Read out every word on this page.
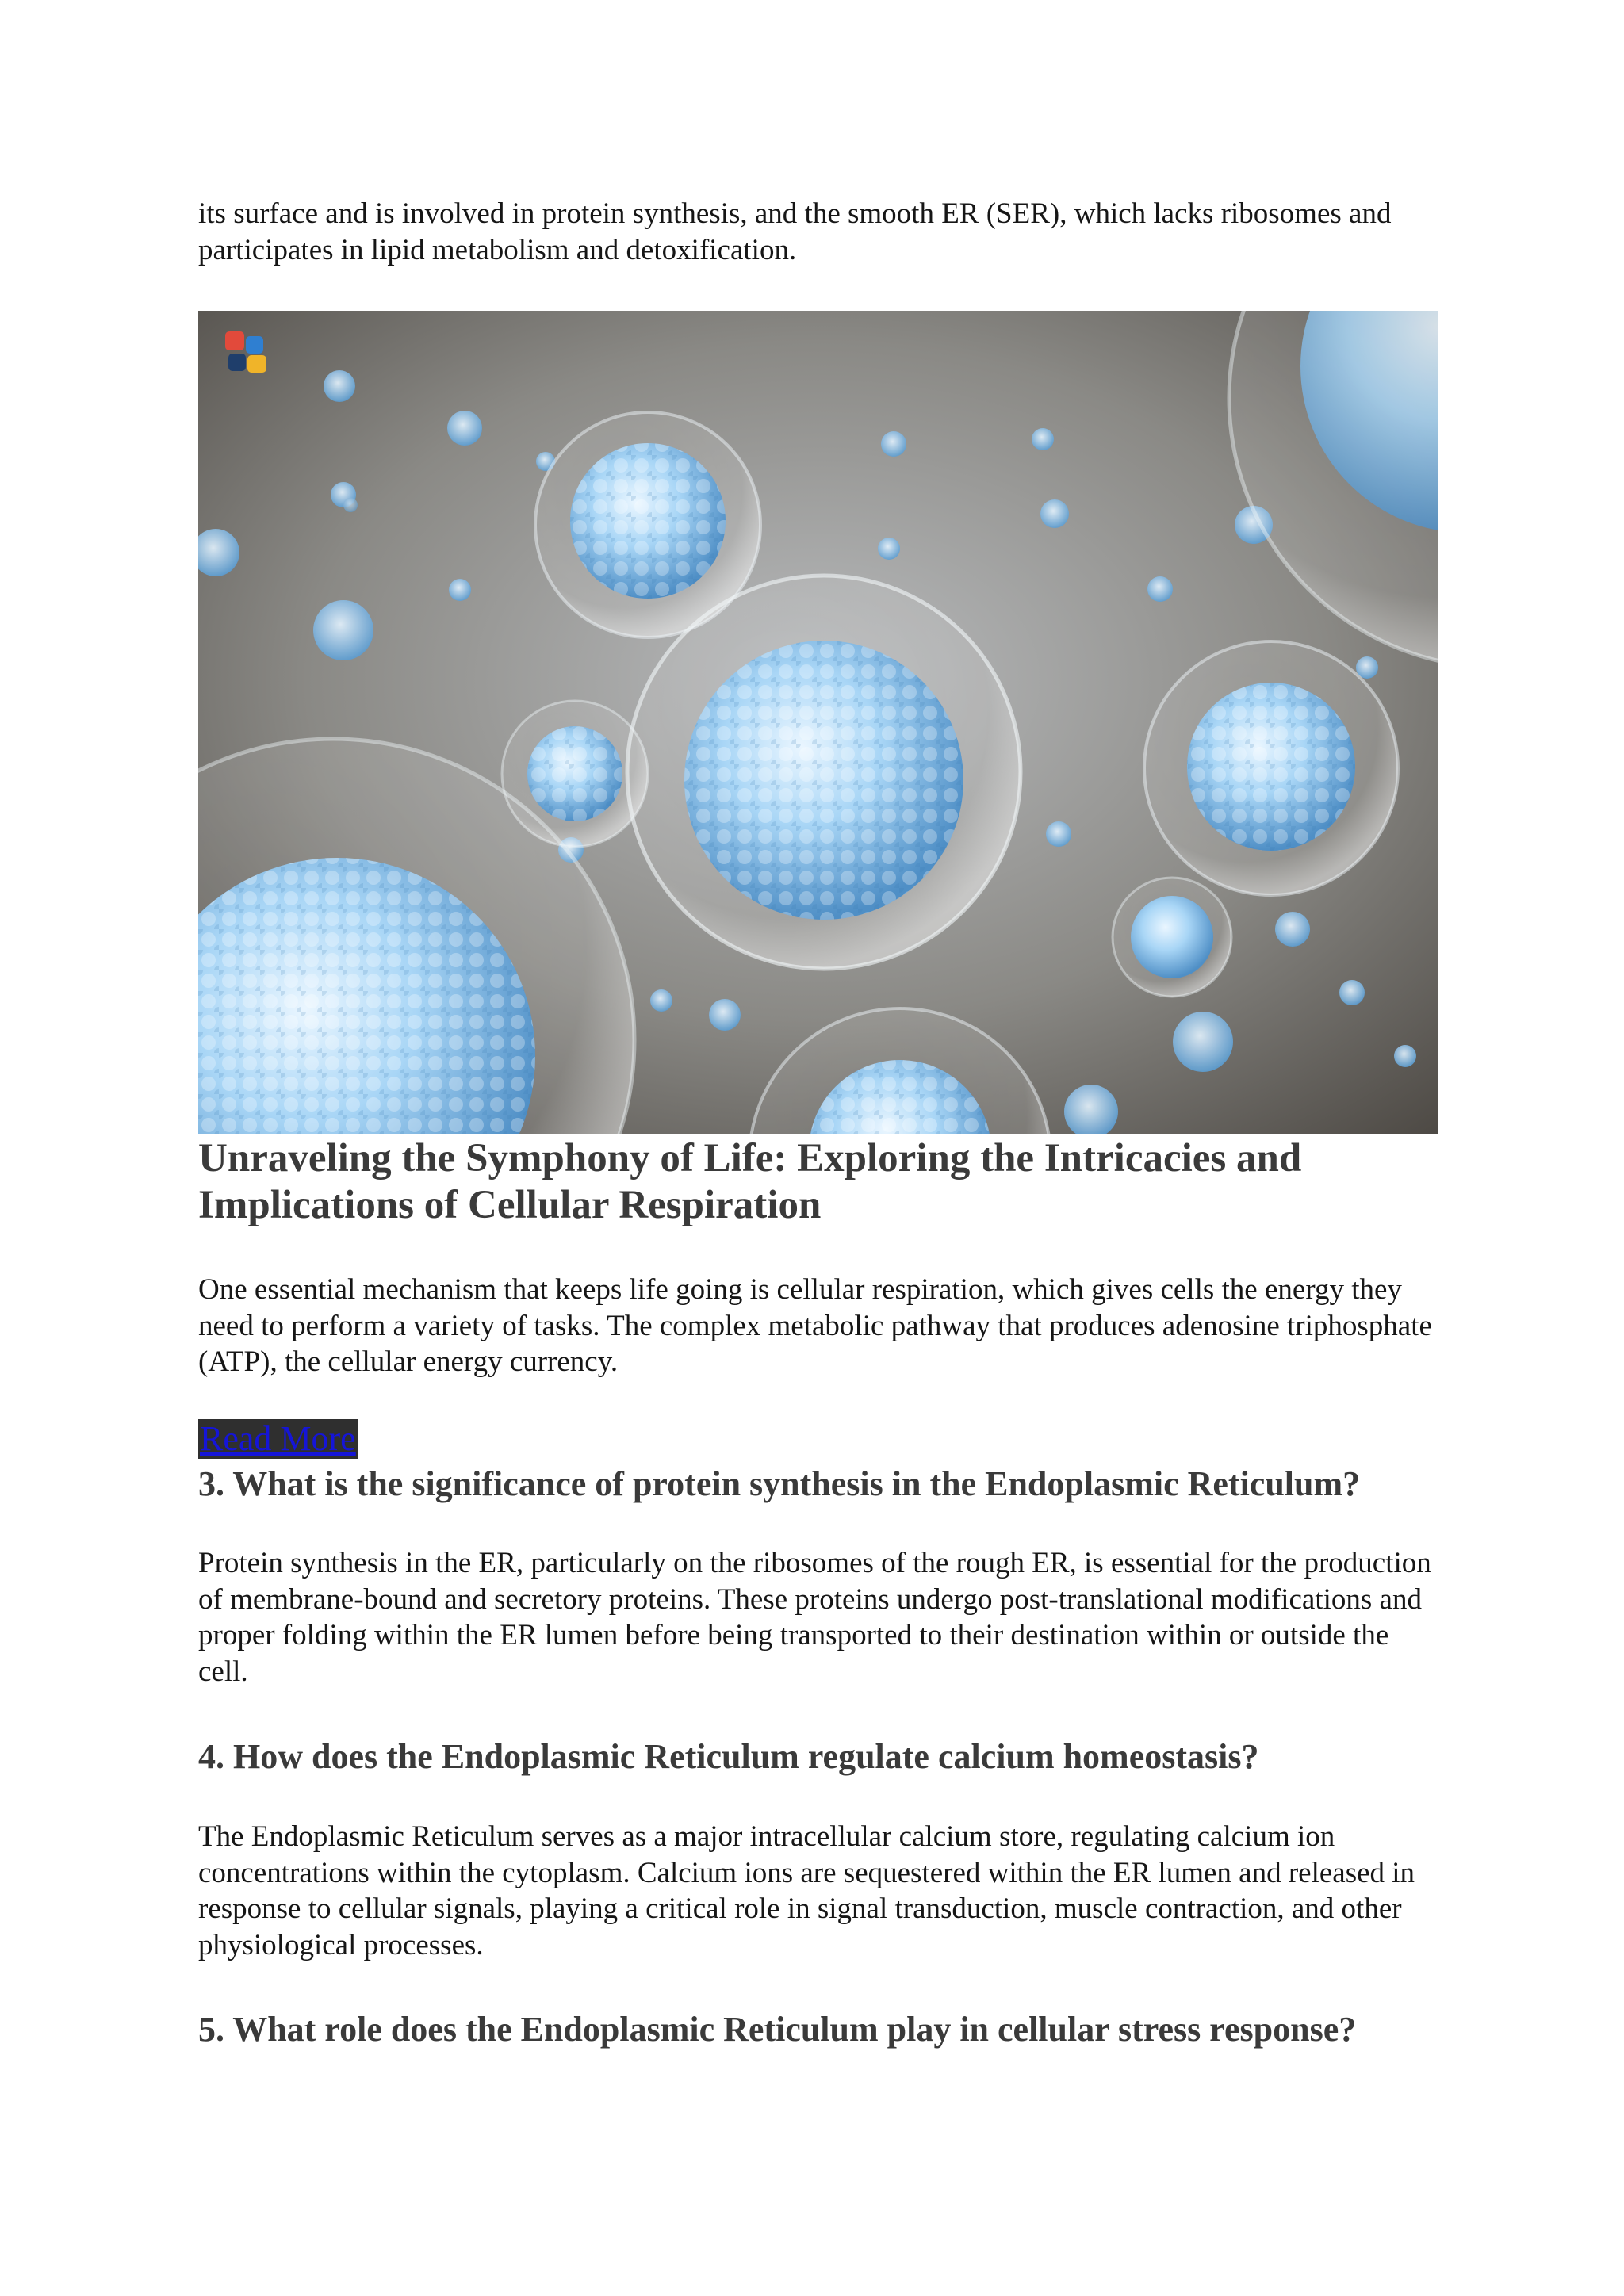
its surface and is involved in protein synthesis, and the smooth ER (SER), which lacks ribosomes and participates in lipid metabolism and detoxification.

Unraveling the Symphony of Life: Exploring the Intricacies and Implications of Cellular Respiration

One essential mechanism that keeps life going is cellular respiration, which gives cells the energy they need to perform a variety of tasks. The complex metabolic pathway that produces adenosine triphosphate (ATP), the cellular energy currency.

Read More
3. What is the significance of protein synthesis in the Endoplasmic Reticulum?

Protein synthesis in the ER, particularly on the ribosomes of the rough ER, is essential for the production of membrane-bound and secretory proteins. These proteins undergo post-translational modifications and proper folding within the ER lumen before being transported to their destination within or outside the cell.

4. How does the Endoplasmic Reticulum regulate calcium homeostasis?

The Endoplasmic Reticulum serves as a major intracellular calcium store, regulating calcium ion concentrations within the cytoplasm. Calcium ions are sequestered within the ER lumen and released in response to cellular signals, playing a critical role in signal transduction, muscle contraction, and other physiological processes.

5. What role does the Endoplasmic Reticulum play in cellular stress response?
